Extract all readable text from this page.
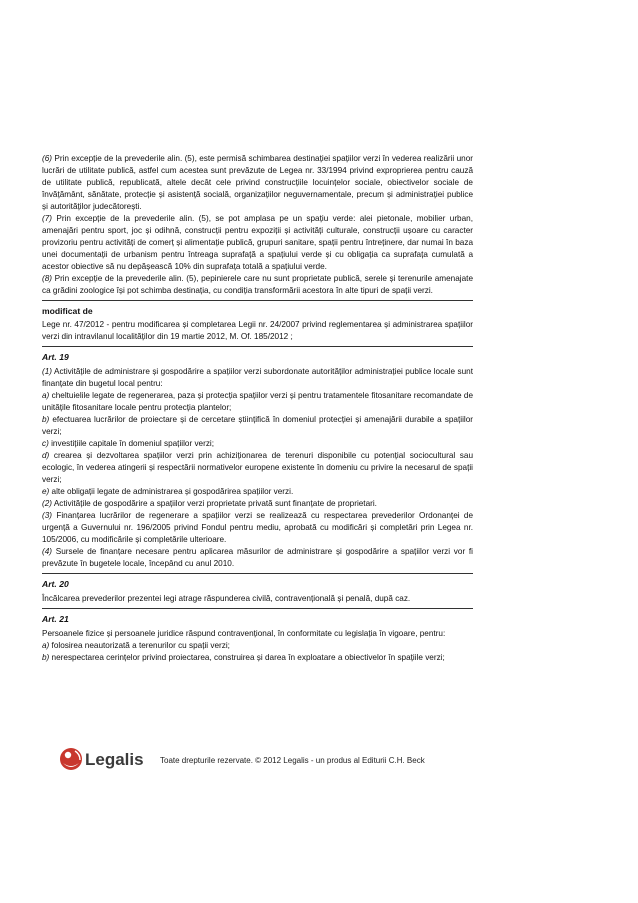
(6) Prin excepție de la prevederile alin. (5), este permisă schimbarea destinației spațiilor verzi în vederea realizării unor lucrări de utilitate publică, astfel cum acestea sunt prevăzute de Legea nr. 33/1994 privind exproprierea pentru cauză de utilitate publică, republicată, altele decât cele privind construcțiile locuințelor sociale, obiectivelor sociale de învățământ, sănătate, protecție și asistență socială, organizațiilor neguvernamentale, precum și administrației publice și autorităților judecătorești.

(7) Prin excepție de la prevederile alin. (5), se pot amplasa pe un spațiu verde: alei pietonale, mobilier urban, amenajări pentru sport, joc și odihnă, construcții pentru expoziții și activități culturale, construcții ușoare cu caracter provizoriu pentru activități de comerț și alimentație publică, grupuri sanitare, spații pentru întreținere, dar numai în baza unei documentații de urbanism pentru întreaga suprafață a spațiului verde și cu obligația ca suprafața cumulată a acestor obiective să nu depășească 10% din suprafața totală a spațiului verde.

(8) Prin excepție de la prevederile alin. (5), pepinierele care nu sunt proprietate publică, serele și terenurile amenajate ca grădini zoologice își pot schimba destinația, cu condiția transformării acestora în alte tipuri de spații verzi.

modificat de

Lege nr. 47/2012 - pentru modificarea și completarea Legii nr. 24/2007 privind reglementarea și administrarea spațiilor verzi din intravilanul localităților din 19 martie 2012, M. Of. 185/2012 ;

Art. 19

(1) Activitățile de administrare și gospodărire a spațiilor verzi subordonate autorităților administrației publice locale sunt finanțate din bugetul local pentru:

a) cheltuielile legate de regenerarea, paza și protecția spațiilor verzi și pentru tratamentele fitosanitare recomandate de unitățile fitosanitare locale pentru protecția plantelor;

b) efectuarea lucrărilor de proiectare și de cercetare științifică în domeniul protecției și amenajării durabile a spațiilor verzi;

c) investițiile capitale în domeniul spațiilor verzi;

d) crearea și dezvoltarea spațiilor verzi prin achiziționarea de terenuri disponibile cu potențial sociocultural sau ecologic, în vederea atingerii și respectării normativelor europene existente în domeniu cu privire la necesarul de spații verzi;

e) alte obligații legate de administrarea și gospodărirea spațiilor verzi.

(2) Activitățile de gospodărire a spațiilor verzi proprietate privată sunt finanțate de proprietari.

(3) Finanțarea lucrărilor de regenerare a spațiilor verzi se realizează cu respectarea prevederilor Ordonanței de urgență a Guvernului nr. 196/2005 privind Fondul pentru mediu, aprobată cu modificări și completări prin Legea nr. 105/2006, cu modificările și completările ulterioare.

(4) Sursele de finanțare necesare pentru aplicarea măsurilor de administrare și gospodărire a spațiilor verzi vor fi prevăzute în bugetele locale, începând cu anul 2010.

Art. 20

Încălcarea prevederilor prezentei legi atrage răspunderea civilă, contravențională și penală, după caz.

Art. 21

Persoanele fizice și persoanele juridice răspund contravențional, în conformitate cu legislația în vigoare, pentru:

a) folosirea neautorizată a terenurilor cu spații verzi;

b) nerespectarea cerințelor privind proiectarea, construirea și darea în exploatare a obiectivelor în spațiile verzi;

Legalis Toate drepturile rezervate. © 2012 Legalis - un produs al Editurii C.H. Beck
